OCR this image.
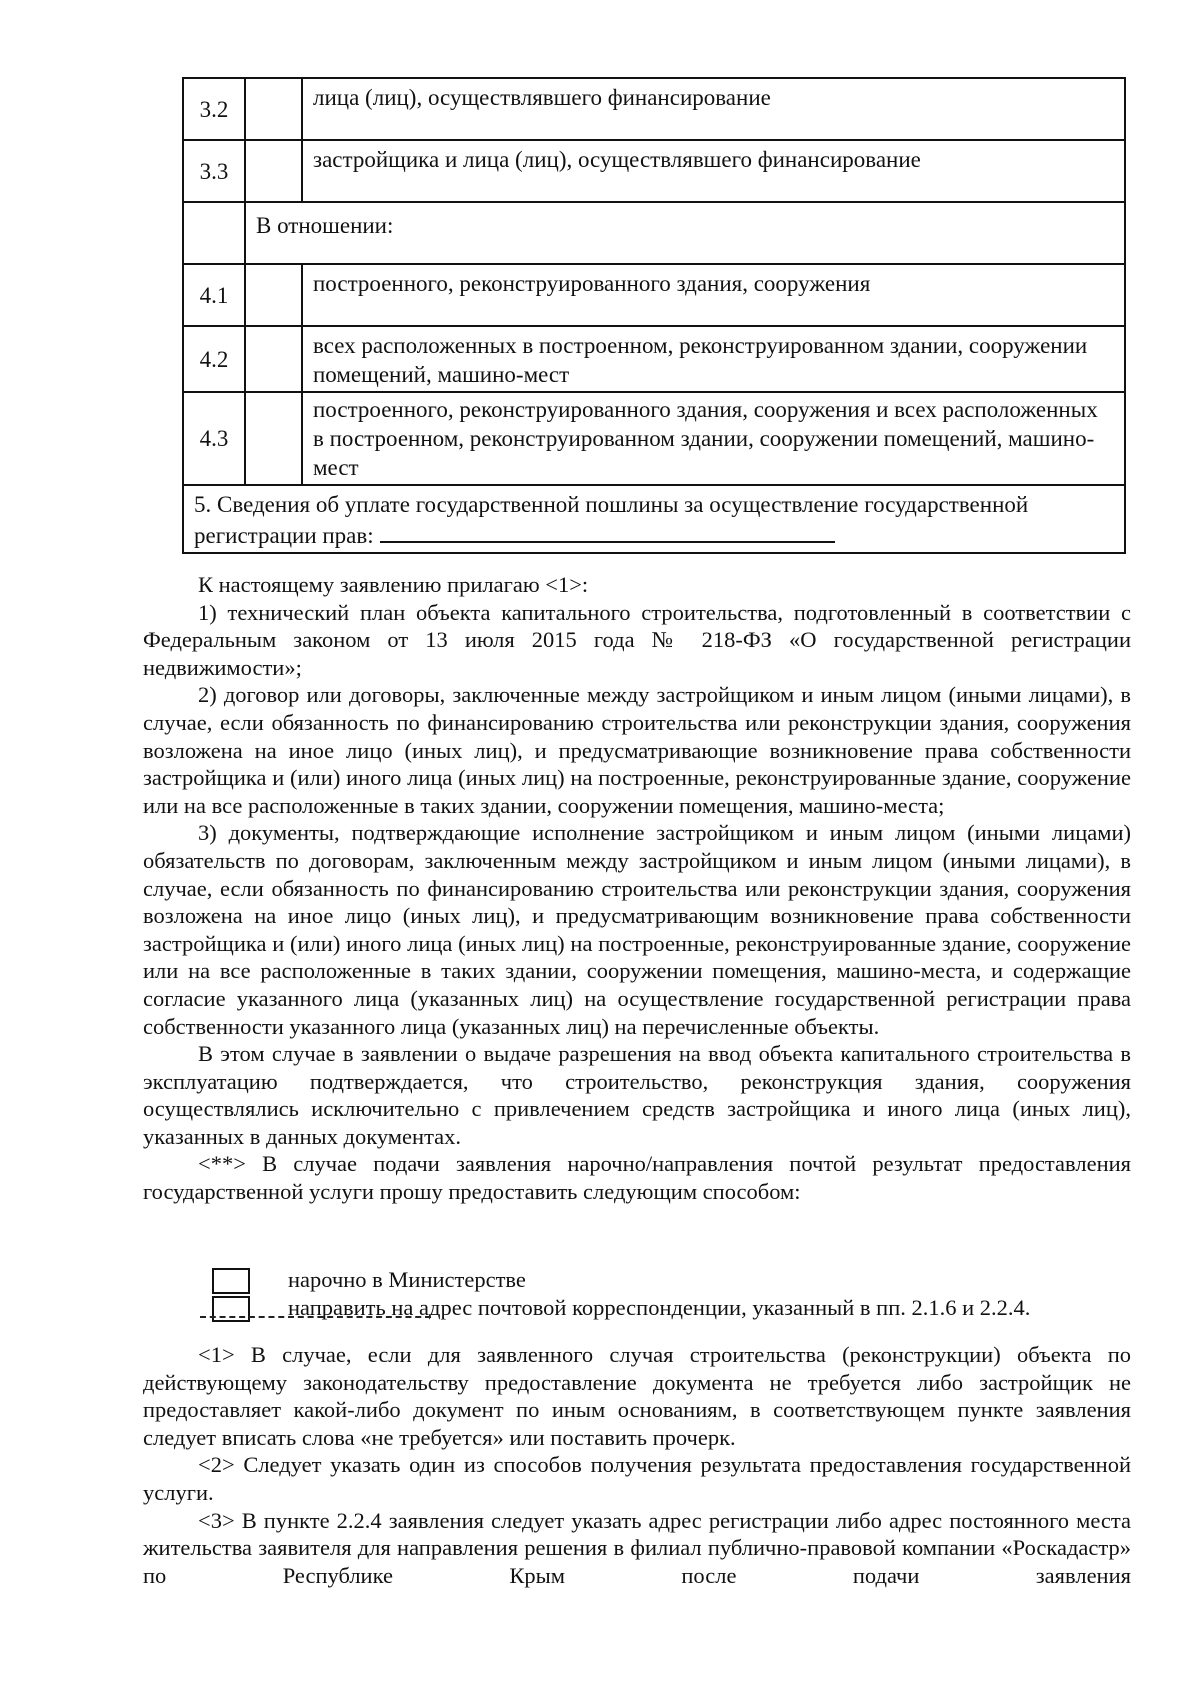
3.2		лица (лиц), осуществлявшего финансирование
3.3		застройщика и лица (лиц), осуществлявшего финансирование
	В отношении:	
4.1		построенного, реконструированного здания, сооружения
4.2		всех расположенных в построенном, реконструированном здании, сооружении помещений, машино-мест
4.3		построенного, реконструированного здания, сооружения и всех расположенных в построенном, реконструированном здании, сооружении помещений, машино-мест
5. Сведения об уплате государственной пошлины за осуществление государственной регистрации прав:		

К настоящему заявлению прилагаю <1>:

1) технический план объекта капитального строительства, подготовленный в соответствии с Федеральным законом от 13 июля 2015 года № 218-ФЗ «О государственной регистрации недвижимости»;

2) договор или договоры, заключенные между застройщиком и иным лицом (иными лицами), в случае, если обязанность по финансированию строительства или реконструкции здания, сооружения возложена на иное лицо (иных лиц), и предусматривающие возникновение права собственности застройщика и (или) иного лица (иных лиц) на построенные, реконструированные здание, сооружение или на все расположенные в таких здании, сооружении помещения, машино-места;

3) документы, подтверждающие исполнение застройщиком и иным лицом (иными лицами) обязательств по договорам, заключенным между застройщиком и иным лицом (иными лицами), в случае, если обязанность по финансированию строительства или реконструкции здания, сооружения возложена на иное лицо (иных лиц), и предусматривающим возникновение права собственности застройщика и (или) иного лица (иных лиц) на построенные, реконструированные здание, сооружение или на все расположенные в таких здании, сооружении помещения, машино-места, и содержащие согласие указанного лица (указанных лиц) на осуществление государственной регистрации права собственности указанного лица (указанных лиц) на перечисленные объекты.

В этом случае в заявлении о выдаче разрешения на ввод объекта капитального строительства в эксплуатацию подтверждается, что строительство, реконструкция здания, сооружения осуществлялись исключительно с привлечением средств застройщика и иного лица (иных лиц), указанных в данных документах.

<**> В случае подачи заявления нарочно/направления почтой результат предоставления государственной услуги прошу предоставить следующим способом:

нарочно в Министерстве
направить на адрес почтовой корреспонденции, указанный в пп. 2.1.6 и 2.2.4.

<1> В случае, если для заявленного случая строительства (реконструкции) объекта по действующему законодательству предоставление документа не требуется либо застройщик не предоставляет какой-либо документ по иным основаниям, в соответствующем пункте заявления следует вписать слова «не требуется» или поставить прочерк.

<2> Следует указать один из способов получения результата предоставления государственной услуги.

<3> В пункте 2.2.4 заявления следует указать адрес регистрации либо адрес постоянного места жительства заявителя для направления решения в филиал публично-правовой компании «Роскадастр» по Республике Крым после подачи заявления
